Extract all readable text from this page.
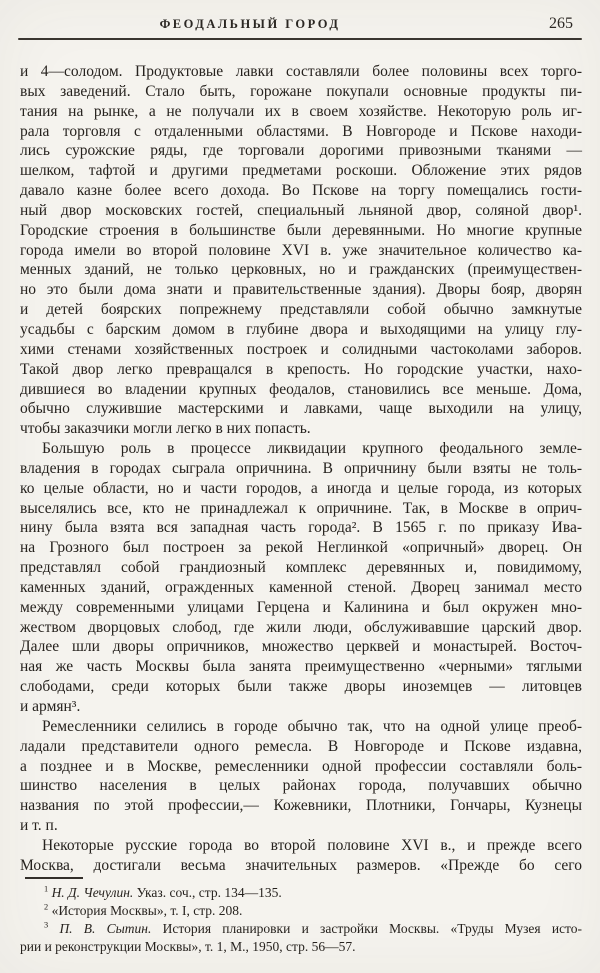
ФЕОДАЛЬНЫЙ ГОРОД	265
и 4—солодом. Продуктовые лавки составляли более половины всех торго-
вых заведений. Стало быть, горожане покупали основные продукты пи-
тания на рынке, а не получали их в своем хозяйстве. Некоторую роль иг-
рала торговля с отдаленными областями. В Новгороде и Пскове находи-
лись сурожские ряды, где торговали дорогими привозными тканями —
шелком, тафтой и другими предметами роскоши. Обложение этих рядов
давало казне более всего дохода. Во Пскове на торгу помещались гости-
ный двор московских гостей, специальный льняной двор, соляной двор¹.
Городские строения в большинстве были деревянными. Но многие крупные
города имели во второй половине XVI в. уже значительное количество ка-
менных зданий, не только церковных, но и гражданских (преимуществен-
но это были дома знати и правительственные здания). Дворы бояр, дворян
и детей боярских попрежнему представляли собой обычно замкнутые
усадьбы с барским домом в глубине двора и выходящими на улицу глу-
хими стенами хозяйственных построек и солидными частоколами заборов.
Такой двор легко превращался в крепость. Но городские участки, нахо-
дившиеся во владении крупных феодалов, становились все меньше. Дома,
обычно служившие мастерскими и лавками, чаще выходили на улицу,
чтобы заказчики могли легко в них попасть.
Большую роль в процессе ликвидации крупного феодального земле-
владения в городах сыграла опричнина. В опричнину были взяты не толь-
ко целые области, но и части городов, а иногда и целые города, из которых
выселялись все, кто не принадлежал к опричнине. Так, в Москве в оприч-
нину была взята вся западная часть города². В 1565 г. по приказу Ива-
на Грозного был построен за рекой Неглинкой «опричный» дворец. Он
представлял собой грандиозный комплекс деревянных и, повидимому,
каменных зданий, огражденных каменной стеной. Дворец занимал место
между современными улицами Герцена и Калинина и был окружен мно-
жеством дворцовых слобод, где жили люди, обслуживавшие царский двор.
Далее шли дворы опричников, множество церквей и монастырей. Восточ-
ная же часть Москвы была занята преимущественно «черными» тяглыми
слободами, среди которых были также дворы иноземцев — литовцев
и армян³.
Ремесленники селились в городе обычно так, что на одной улице преоб-
ладали представители одного ремесла. В Новгороде и Пскове издавна,
а позднее и в Москве, ремесленники одной профессии составляли боль-
шинство населения в целых районах города, получавших обычно
названия по этой профессии,— Кожевники, Плотники, Гончары, Кузнецы
и т. п.
Некоторые русские города во второй половине XVI в., и прежде всего
Москва, достигали весьма значительных размеров. «Прежде бо сего
$^1$ Н. Д. Чечулин. Указ. соч., стр. 134—135.
$^2$ «История Москвы», т. I, стр. 208.
$^3$ П. В. Сытин. История планировки и застройки Москвы. «Труды Музея исто-
рии и реконструкции Москвы», т. 1, М., 1950, стр. 56—57.
